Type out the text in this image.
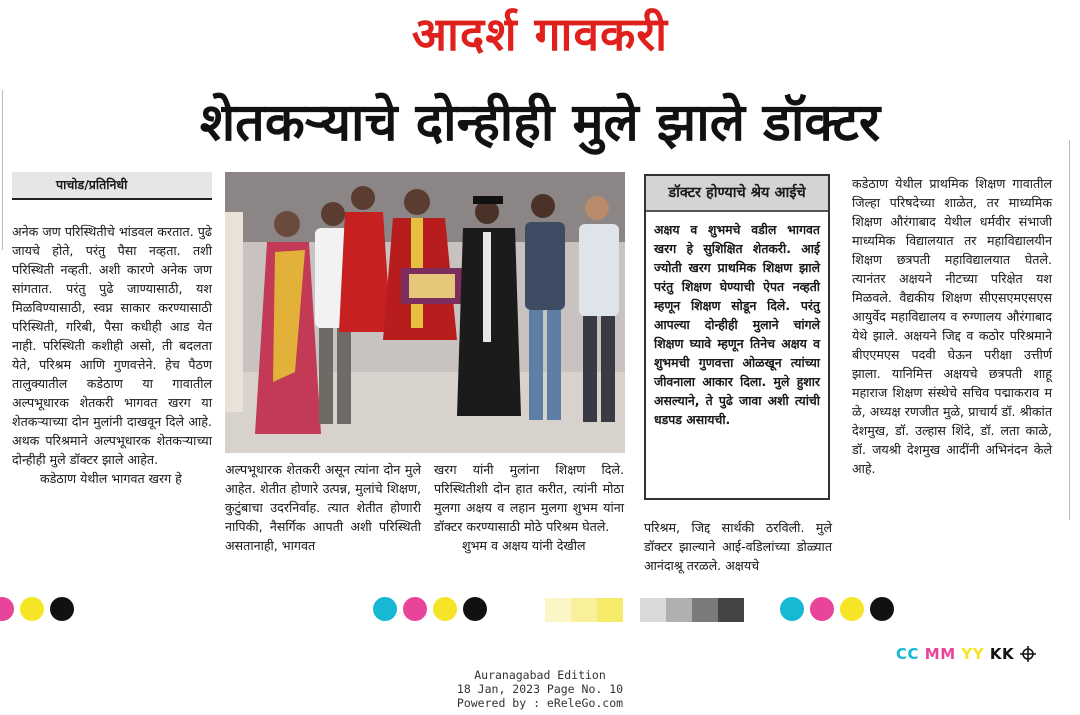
आदर्श गावकरी
शेतकऱ्याचे दोन्हीही मुले झाले डॉक्टर
पाचोड/प्रतिनिधी

अनेक जण परिस्थितीचे भांडवल करतात. पुढे जायचे होते, परंतु पैसा नव्हता. तशी परिस्थिती नव्हती. अशी कारणे अनेक जण सांगतात. परंतु पुढे जाण्यासाठी, यश मिळविण्यासाठी, स्वप्न साकार करण्यासाठी परिस्थिती, गरिबी, पैसा कधीही आड येत नाही. परिस्थिती कशीही असो, ती बदलता येते, परिश्रम आणि गुणवत्तेने. हेच पैठण तालुक्यातील कडेठाण या गावातील अल्पभूधारक शेतकरी भागवत खरग या शेतकऱ्याच्या दोन मुलांनी दाखवून दिले आहे. अथक परिश्रमाने अल्पभूधारक शेतकऱ्याच्या दोन्हीही मुले डॉक्टर झाले आहेत.

कडेठाण येथील भागवत खरग हे

अल्पभूधारक शेतकरी असून त्यांना दोन मुले आहेत. शेतीत होणारे उत्पन्न, मुलांचे शिक्षण, कुटुंबाचा उदरनिर्वाह. त्यात शेतीत होणारी नापिकी, नैसर्गिक आपती अशी परिस्थिती असतानाही, भागवत

खरग यांनी मुलांना शिक्षण दिले. परिस्थितीशी दोन हात करीत, त्यांनी मोठा मुलगा अक्षय व लहान मुलगा शुभम यांना डॉक्टर करण्यासाठी मोठे परिश्रम घेतले.

शुभम व अक्षय यांनी देखील

डॉक्टर होण्याचे श्रेय आईचे
अक्षय व शुभमचे वडील भागवत खरग हे सुशिक्षित शेतकरी. आई ज्योती खरग प्राथमिक शिक्षण झाले परंतु शिक्षण घेण्याची ऐपत नव्हती म्हणून शिक्षण सोडून दिले. परंतु आपल्या दोन्हीही मुलाने चांगले शिक्षण घ्यावे म्हणून तिनेच अक्षय व शुभमची गुणवत्ता ओळखून त्यांच्या जीवनाला आकार दिला. मुले हुशार असल्याने, ते पुढे जावा अशी त्यांची धडपड असायची.
परिश्रम, जिद्द सार्थकी ठरविली. मुले डॉक्टर झाल्याने आई-वडिलांच्या डोळ्यात आनंदाश्रू तरळले. अक्षयचे
कडेठाण येथील प्राथमिक शिक्षण गावातील जिल्हा परिषदेच्या शाळेत, तर माध्यमिक शिक्षण औरंगाबाद येथील धर्मवीर संभाजी माध्यमिक विद्यालयात तर महाविद्यालयीन शिक्षण छत्रपती महाविद्यालयात घेतले. त्यानंतर अक्षयने नीटच्या परिक्षेत यश मिळवले. वैद्यकीय शिक्षण सीएसएमएसएस आयुर्वेद महाविद्यालय व रुग्णालय औरंगाबाद येथे झाले. अक्षयने जिद्द व कठोर परिश्रमाने बीएएमएस पदवी घेऊन परीक्षा उत्तीर्ण झाला. यानिमित्त अक्षयचे छत्रपती शाहू महाराज शिक्षण संस्थेचे सचिव पद्माकराव म ळे, अध्यक्ष रणजीत मुळे, प्राचार्य डॉ. श्रीकांत देशमुख, डॉ. उल्हास शिंदे, डॉ. लता काळे, डॉ. जयश्री देशमुख आदींनी अभिनंदन केले आहे.
CC MM YY KK
Auranagabad Edition
18 Jan, 2023 Page No. 10
Powered by : eReleGo.com
